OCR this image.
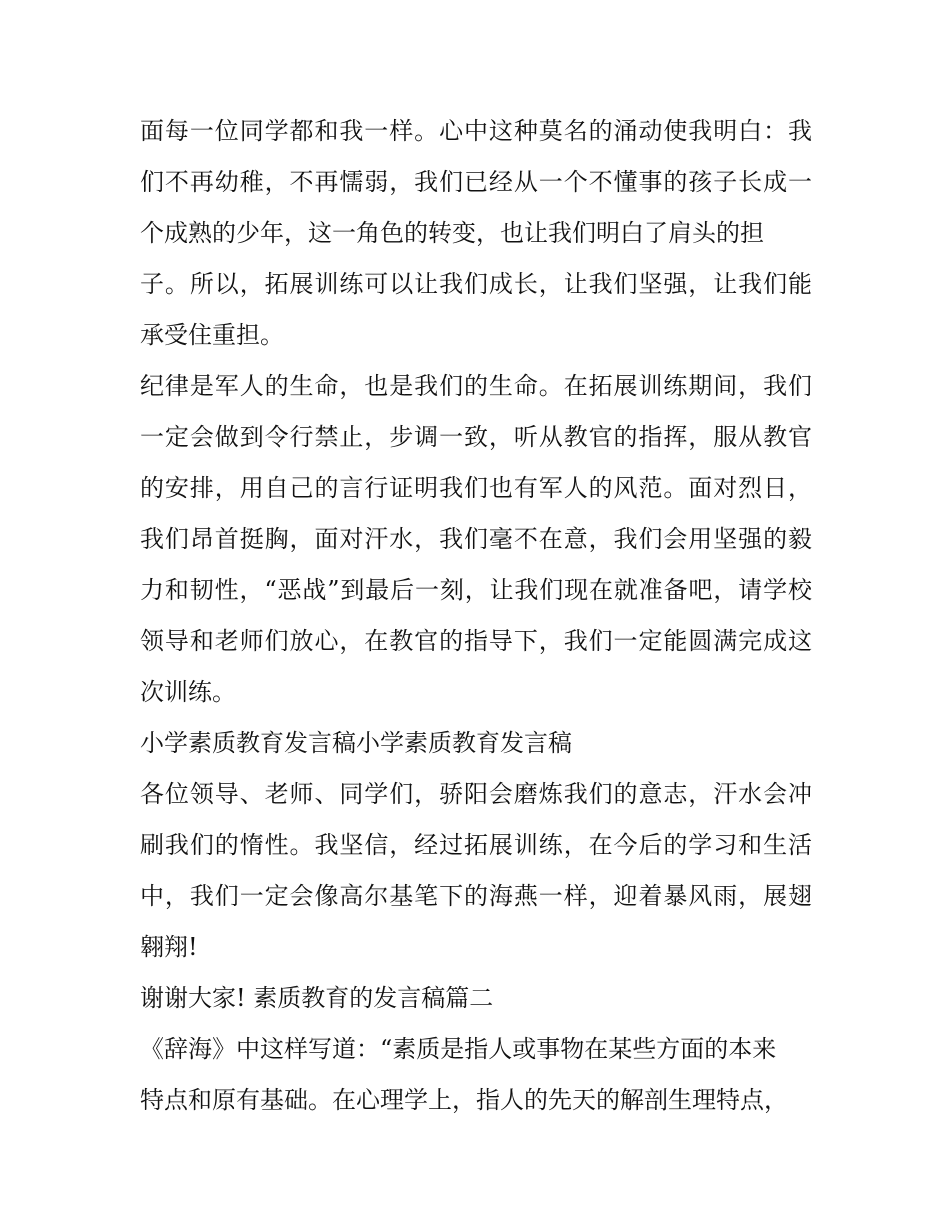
面每一位同学都和我一样。心中这种莫名的涌动使我明白：我
们不再幼稚，不再懦弱，我们已经从一个不懂事的孩子长成一
个成熟的少年，这一角色的转变，也让我们明白了肩头的担
子。所以，拓展训练可以让我们成长，让我们坚强，让我们能
承受住重担。
纪律是军人的生命，也是我们的生命。在拓展训练期间，我们
一定会做到令行禁止，步调一致，听从教官的指挥，服从教官
的安排，用自己的言行证明我们也有军人的风范。面对烈日，
我们昂首挺胸，面对汗水，我们毫不在意，我们会用坚强的毅
力和韧性，“恶战”到最后一刻，让我们现在就准备吧，请学校
领导和老师们放心，在教官的指导下，我们一定能圆满完成这
次训练。
小学素质教育发言稿小学素质教育发言稿
各位领导、老师、同学们，骄阳会磨炼我们的意志，汗水会冲
刷我们的惰性。我坚信，经过拓展训练，在今后的学习和生活
中，我们一定会像高尔基笔下的海燕一样，迎着暴风雨，展翅
翱翔!
谢谢大家! 素质教育的发言稿篇二
《辞海》中这样写道：“素质是指人或事物在某些方面的本来
特点和原有基础。在心理学上，指人的先天的解剖生理特点，
